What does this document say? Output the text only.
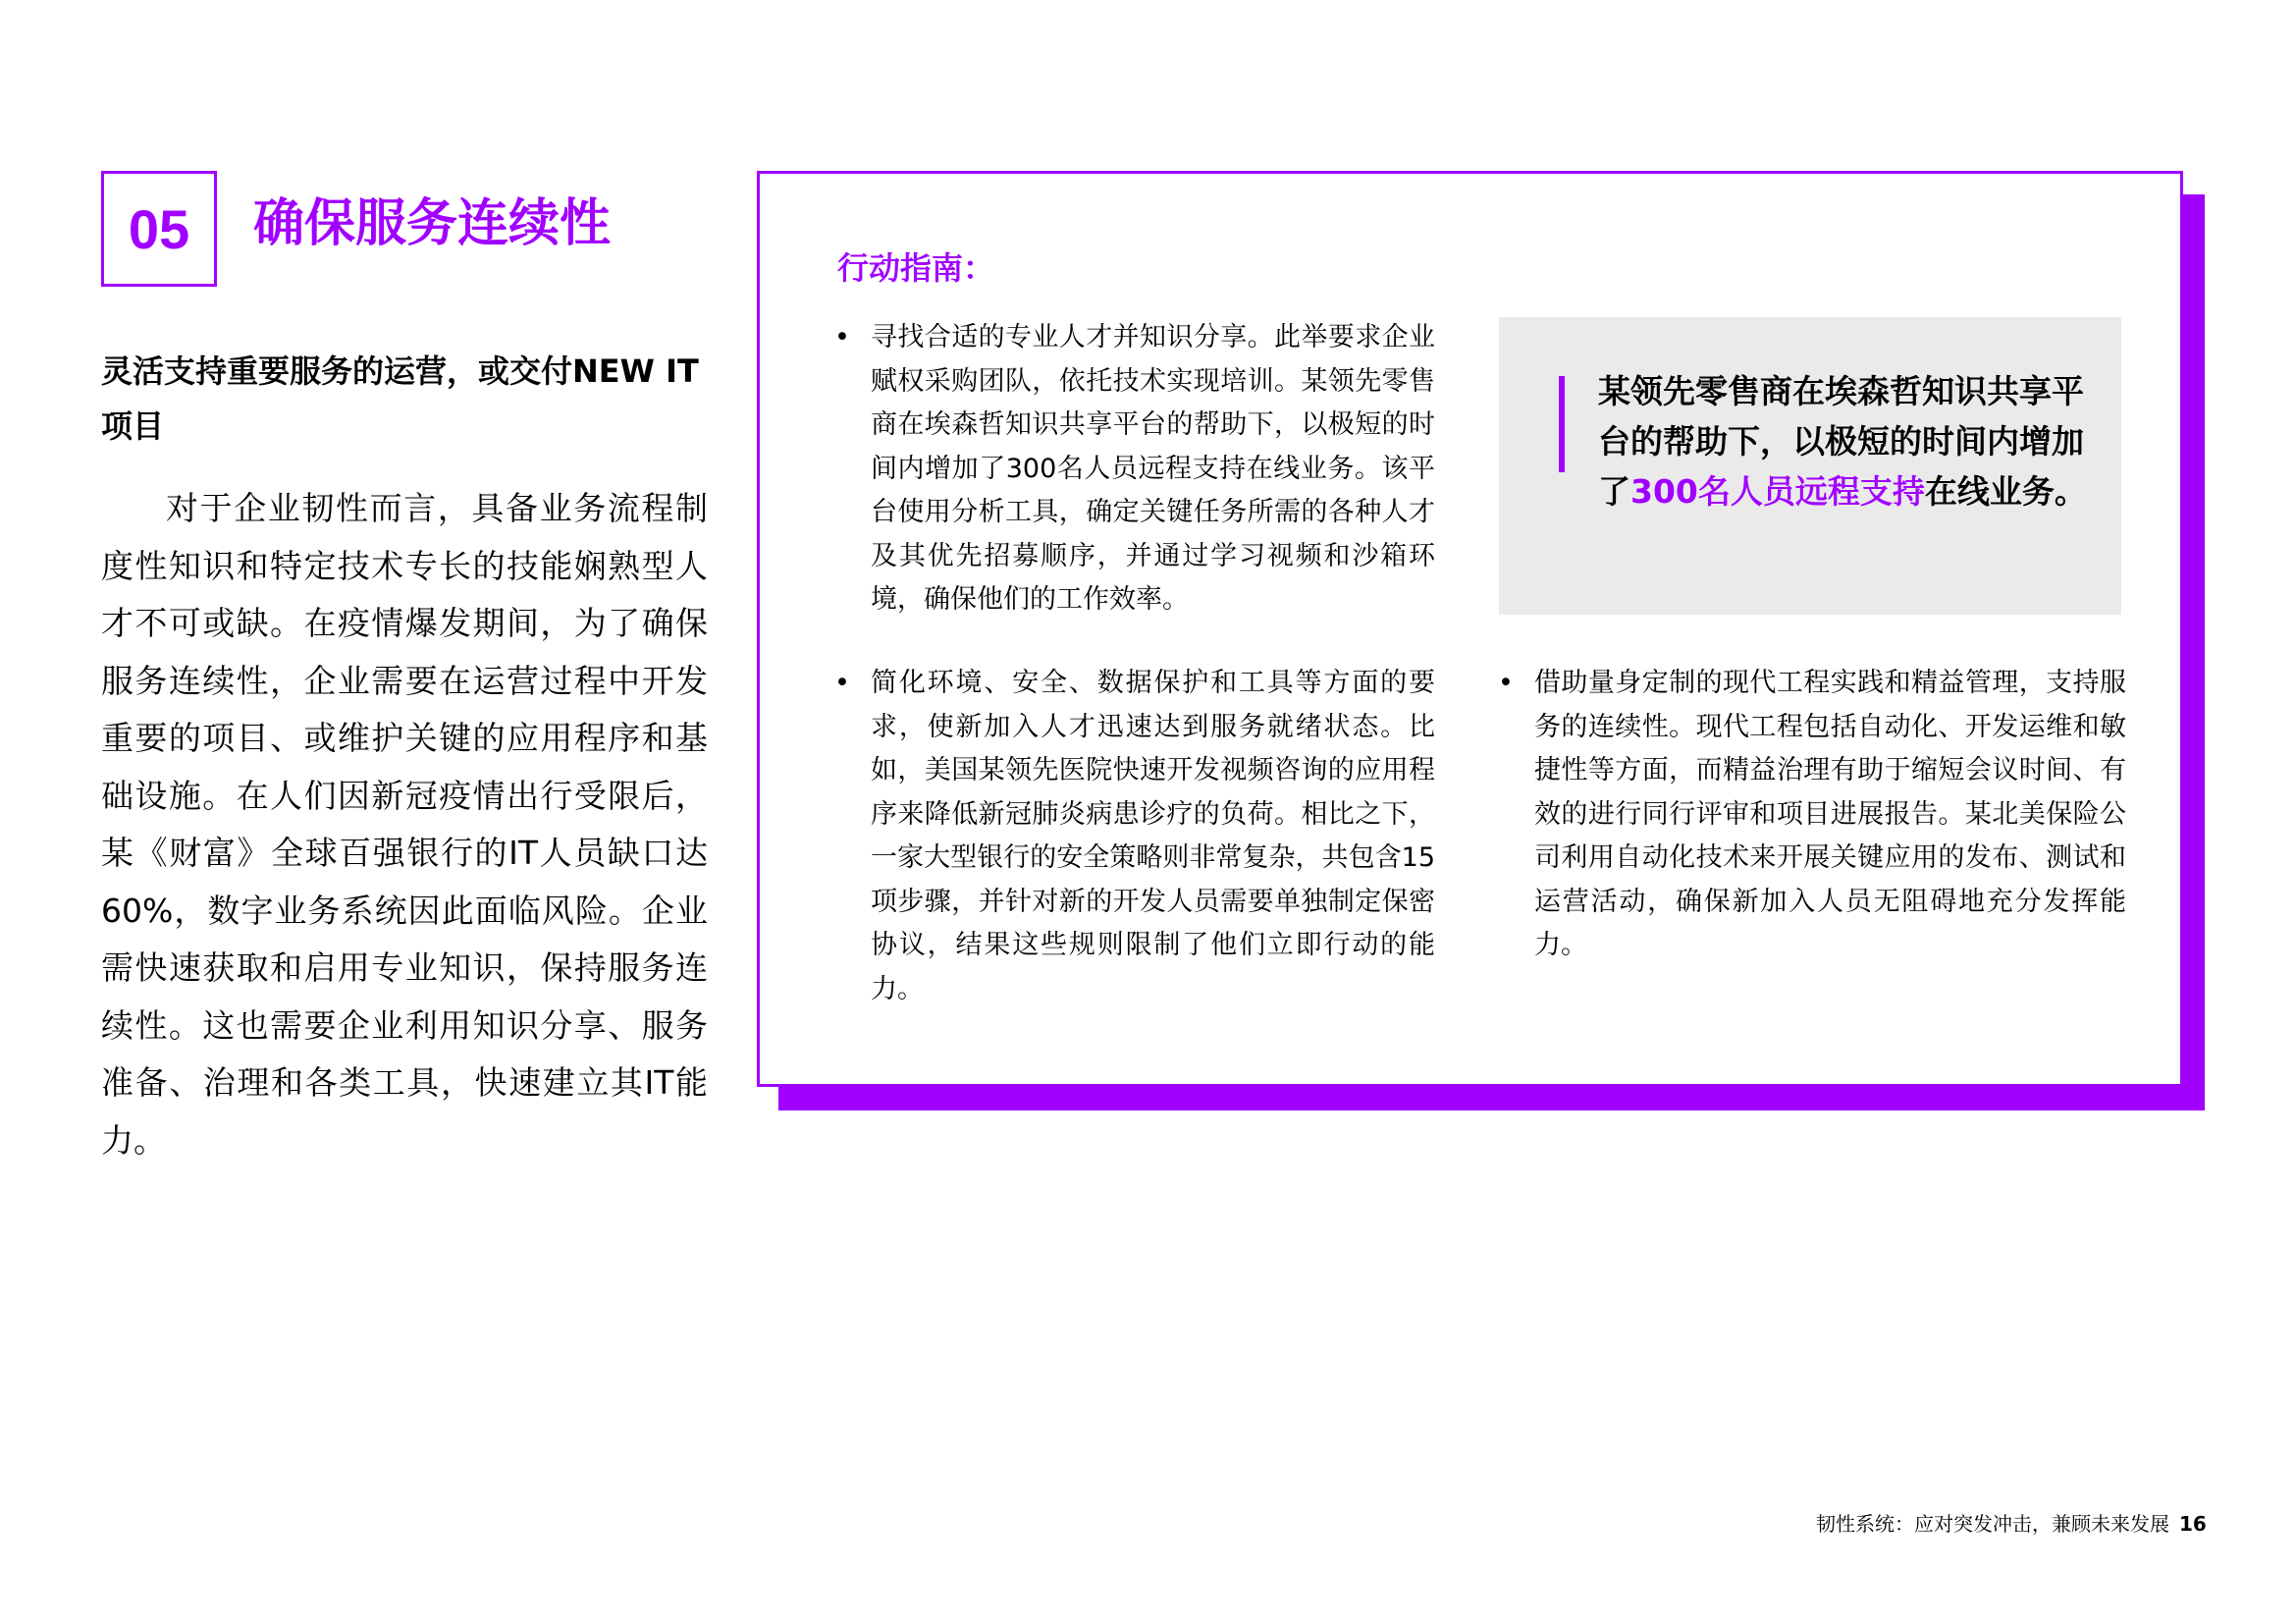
05	确保服务连续性
灵活支持重要服务的运营，或交付NEW IT项目
对于企业韧性而言，具备业务流程制度性知识和特定技术专长的技能娴熟型人才不可或缺。在疫情爆发期间，为了确保服务连续性，企业需要在运营过程中开发重要的项目、或维护关键的应用程序和基础设施。在人们因新冠疫情出行受限后，某《财富》全球百强银行的IT人员缺口达60%，数字业务系统因此面临风险。企业需快速获取和启用专业知识，保持服务连续性。这也需要企业利用知识分享、服务准备、治理和各类工具，快速建立其IT能力。
行动指南：
• 寻找合适的专业人才并知识分享。此举要求企业赋权采购团队，依托技术实现培训。某领先零售商在埃森哲知识共享平台的帮助下，以极短的时间内增加了300名人员远程支持在线业务。该平台使用分析工具，确定关键任务所需的各种人才及其优先招募顺序，并通过学习视频和沙箱环境，确保他们的工作效率。
某领先零售商在埃森哲知识共享平台的帮助下，以极短的时间内增加了300名人员远程支持在线业务。
• 简化环境、安全、数据保护和工具等方面的要求，使新加入人才迅速达到服务就绪状态。比如，美国某领先医院快速开发视频咨询的应用程序来降低新冠肺炎病患诊疗的负荷。相比之下，一家大型银行的安全策略则非常复杂，共包含15项步骤，并针对新的开发人员需要单独制定保密协议，结果这些规则限制了他们立即行动的能力。
• 借助量身定制的现代工程实践和精益管理，支持服务的连续性。现代工程包括自动化、开发运维和敏捷性等方面，而精益治理有助于缩短会议时间、有效的进行同行评审和项目进展报告。某北美保险公司利用自动化技术来开展关键应用的发布、测试和运营活动，确保新加入人员无阻碍地充分发挥能力。
韧性系统：应对突发冲击，兼顾未来发展 16
